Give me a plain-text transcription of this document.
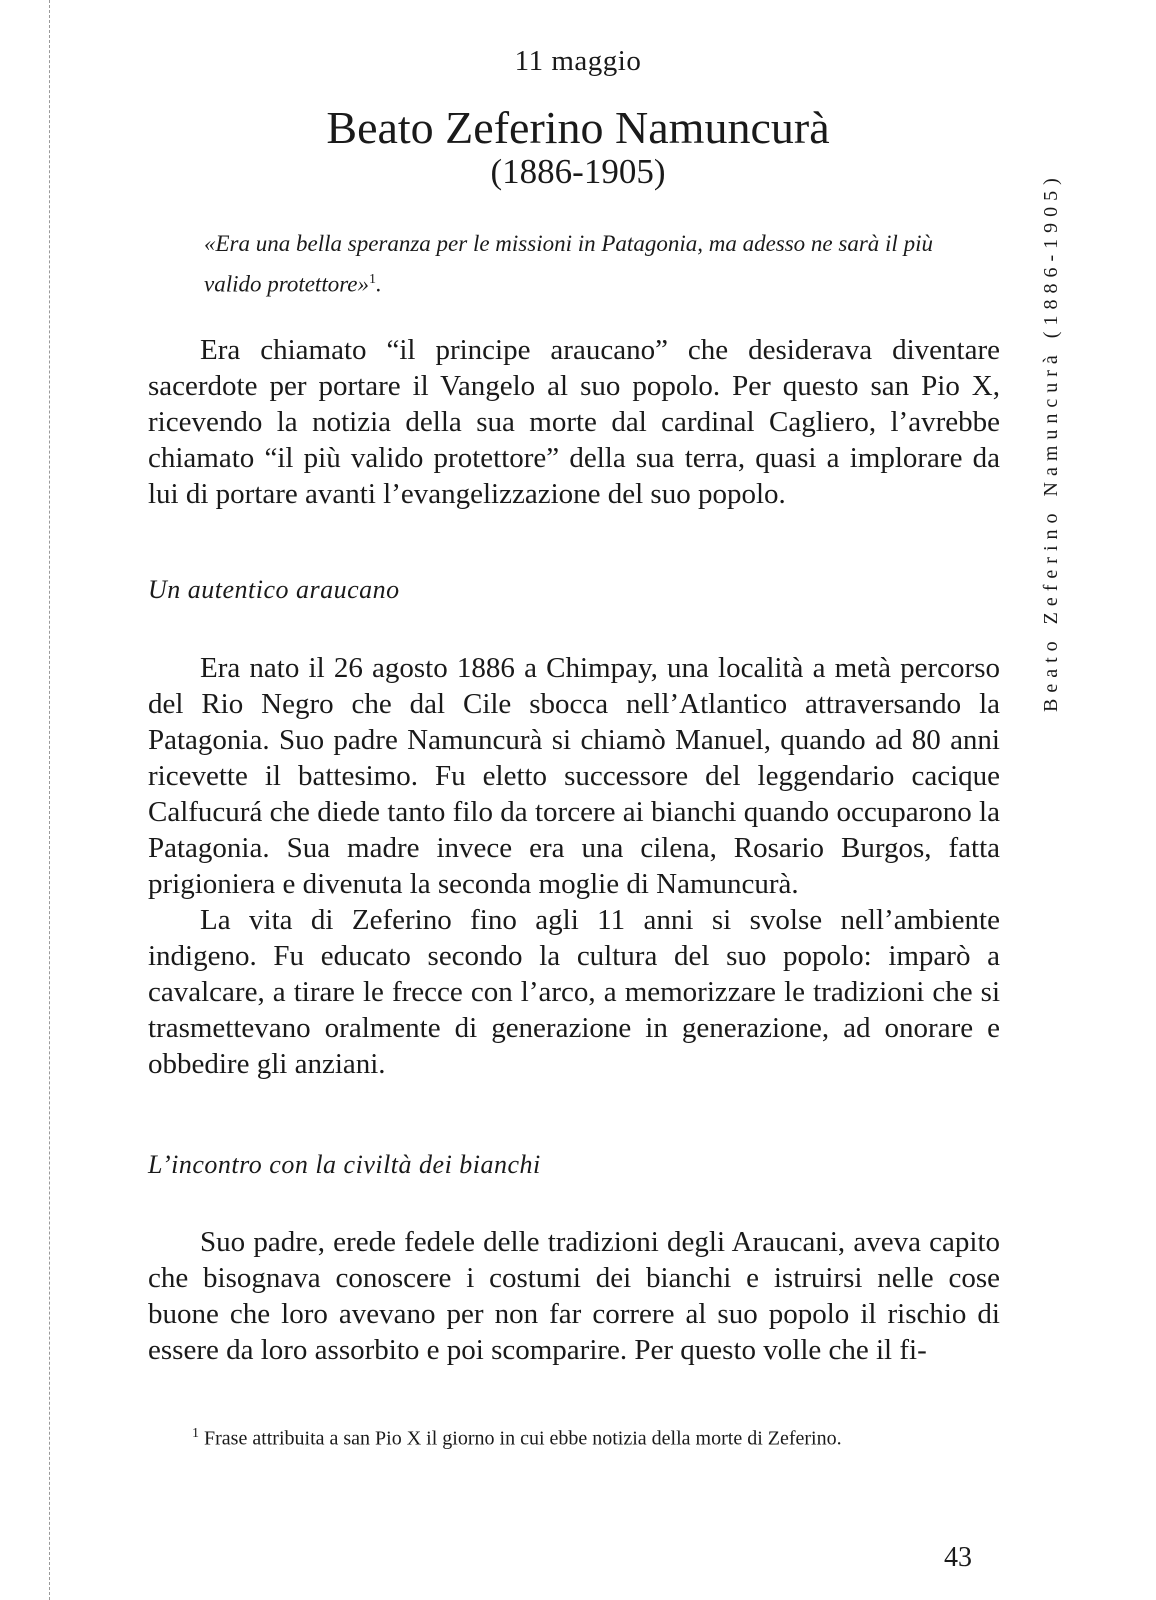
11 maggio
Beato Zeferino Namuncurà
(1886-1905)
«Era una bella speranza per le missioni in Patagonia, ma adesso ne sarà il più valido protettore»$^1$.

Era chiamato “il principe araucano” che desiderava diventare sacerdote per portare il Vangelo al suo popolo. Per questo san Pio X, ricevendo la notizia della sua morte dal cardinal Cagliero, l’avrebbe chiamato “il più valido protettore” della sua terra, quasi a implorare da lui di portare avanti l’evangelizzazione del suo popolo.

Un autentico araucano

Era nato il 26 agosto 1886 a Chimpay, una località a metà percorso del Rio Negro che dal Cile sbocca nell’Atlantico attraversando la Patagonia. Suo padre Namuncurà si chiamò Manuel, quando ad 80 anni ricevette il battesimo. Fu eletto successore del leggendario cacique Calfucurá che diede tanto filo da torcere ai bianchi quando occuparono la Patagonia. Sua madre invece era una cilena, Rosario Burgos, fatta prigioniera e divenuta la seconda moglie di Namuncurà.

La vita di Zeferino fino agli 11 anni si svolse nell’ambiente indigeno. Fu educato secondo la cultura del suo popolo: imparò a cavalcare, a tirare le frecce con l’arco, a memorizzare le tradizioni che si trasmettevano oralmente di generazione in generazione, ad onorare e obbedire gli anziani.

L’incontro con la civiltà dei bianchi

Suo padre, erede fedele delle tradizioni degli Araucani, aveva capito che bisognava conoscere i costumi dei bianchi e istruirsi nelle cose buone che loro avevano per non far correre al suo popolo il rischio di essere da loro assorbito e poi scomparire. Per questo volle che il fi-

$^1$ Frase attribuita a san Pio X il giorno in cui ebbe notizia della morte di Zeferino.
43
Beato Zeferino Namuncurà (1886-1905)
